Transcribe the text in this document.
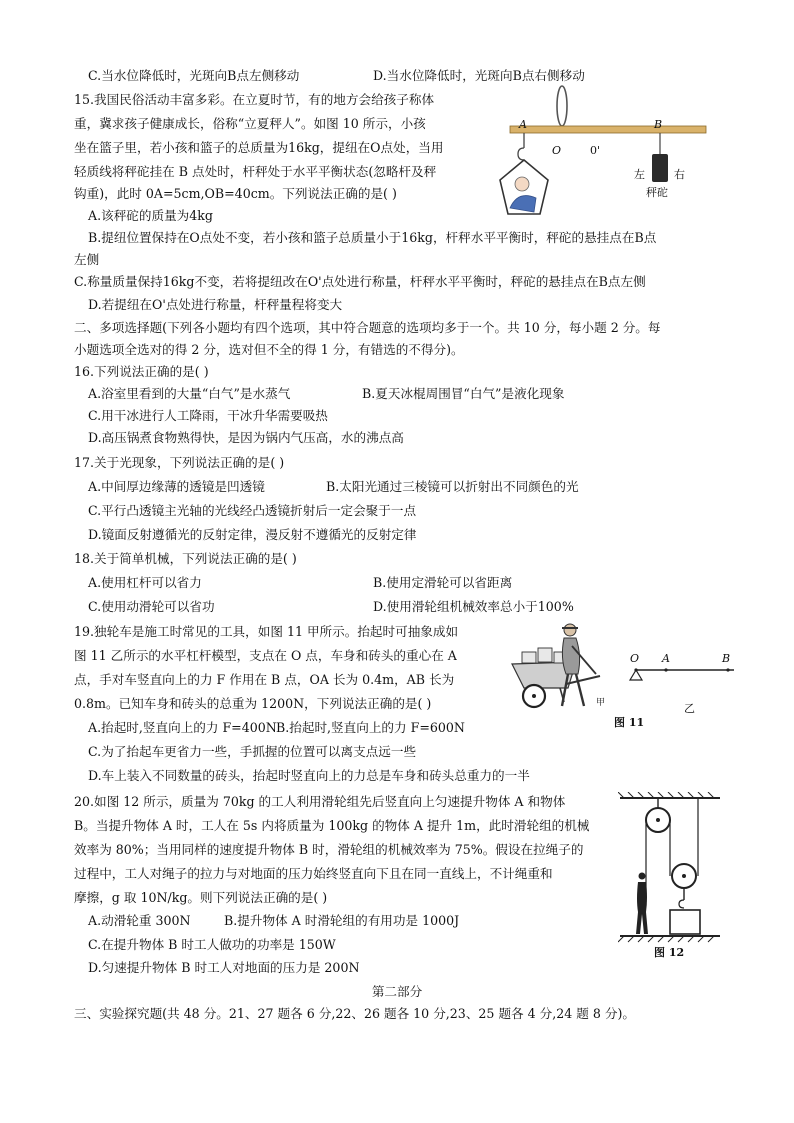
C.当水位降低时，光斑向B点左侧移动	D.当水位降低时，光斑向B点右侧移动
15.我国民俗活动丰富多彩。在立夏时节，有的地方会给孩子称体
重，冀求孩子健康成长，俗称“立夏秤人”。如图 10 所示，小孩
坐在篮子里，若小孩和篮子的总质量为16kg，提纽在O点处，当用
轻质线将秤砣挂在 B 点处时，杆秤处于水平平衡状态(忽略杆及秤
钩重)，此时 0A=5cm,OB=40cm。下列说法正确的是( )
A.该秤砣的质量为4kg
B.提纽位置保持在O点处不变，若小孩和篮子总质量小于16kg，杆秤水平平衡时，秤砣的悬挂点在B点
左侧
C.称量质量保持16kg不变，若将提纽改在O'点处进行称量，杆秤水平平衡时，秤砣的悬挂点在B点左侧
D.若提纽在O'点处进行称量，杆秤量程将变大
A
O	0'
B
左	右
秤砣
二、多项选择题(下列各小题均有四个选项，其中符合题意的选项均多于一个。共 10 分，每小题 2 分。每
小题选项全选对的得 2 分，选对但不全的得 1 分，有错选的不得分)。
16.下列说法正确的是( )
A.浴室里看到的大量“白气”是水蒸气	B.夏天冰棍周围冒“白气”是液化现象
C.用干冰进行人工降雨，干冰升华需要吸热
D.高压锅煮食物熟得快，是因为锅内气压高，水的沸点高
17.关于光现象，下列说法正确的是( )
A.中间厚边缘薄的透镜是凹透镜	B.太阳光通过三棱镜可以折射出不同颜色的光
C.平行凸透镜主光轴的光线经凸透镜折射后一定会聚于一点
D.镜面反射遵循光的反射定律，漫反射不遵循光的反射定律
18.关于简单机械，下列说法正确的是( )
A.使用杠杆可以省力	B.使用定滑轮可以省距离
C.使用动滑轮可以省功	D.使用滑轮组机械效率总小于100%
19.独轮车是施工时常见的工具，如图 11 甲所示。抬起时可抽象成如
图 11 乙所示的水平杠杆模型，支点在 O 点，车身和砖头的重心在 A
点，手对车竖直向上的力 F 作用在 B 点，OA 长为 0.4m，AB 长为
0.8m。已知车身和砖头的总重为 1200N，下列说法正确的是( )
A.抬起时,竖直向上的力 F=400N B.抬起时,竖直向上的力 F=600N
C.为了抬起车更省力一些，手抓握的位置可以离支点远一些
D.车上装入不同数量的砖头，抬起时竖直向上的力总是车身和砖头总重力的一半
O A	B
甲	乙
图 11
20.如图 12 所示，质量为 70kg 的工人利用滑轮组先后竖直向上匀速提升物体 A 和物体
B。当提升物体 A 时，工人在 5s 内将质量为 100kg 的物体 A 提升 1m，此时滑轮组的机械
效率为 80%；当用同样的速度提升物体 B 时，滑轮组的机械效率为 75%。假设在拉绳子的
过程中，工人对绳子的拉力与对地面的压力始终竖直向下且在同一直线上，不计绳重和
摩擦，g 取 10N/kg。则下列说法正确的是( )
A.动滑轮重 300N	B.提升物体 A 时滑轮组的有用功是 1000J
C.在提升物体 B 时工人做功的功率是 150W
D.匀速提升物体 B 时工人对地面的压力是 200N
图 12
第二部分
三、实验探究题(共 48 分。21、27 题各 6 分,22、26 题各 10 分,23、25 题各 4 分,24 题 8 分)。
